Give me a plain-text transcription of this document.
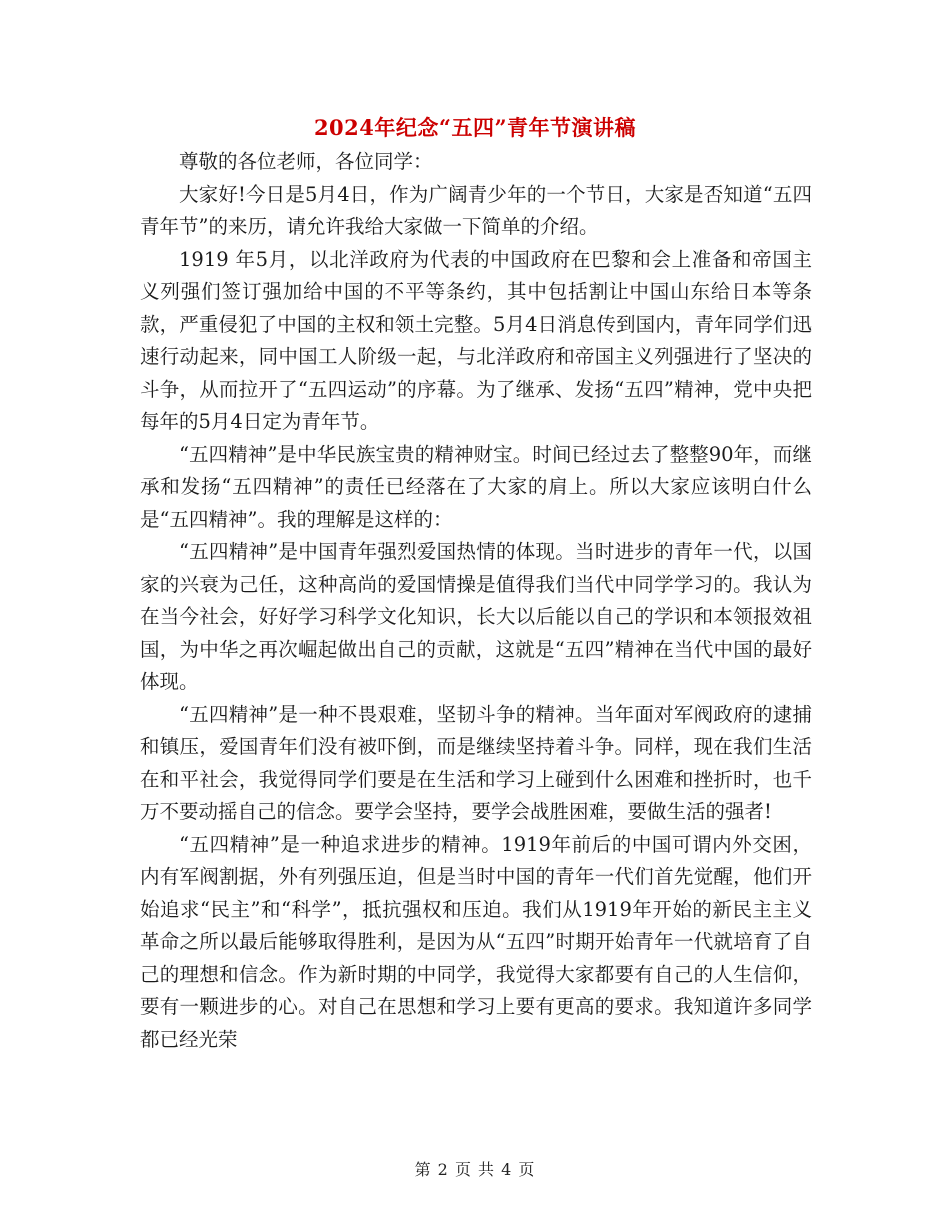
2024年纪念“五四”青年节演讲稿

尊敬的各位老师，各位同学：

大家好!今日是5月4日，作为广阔青少年的一个节日，大家是否知道“五四青年节”的来历，请允许我给大家做一下简单的介绍。

1919 年5月，以北洋政府为代表的中国政府在巴黎和会上准备和帝国主义列强们签订强加给中国的不平等条约，其中包括割让中国山东给日本等条款，严重侵犯了中国的主权和领土完整。5月4日消息传到国内，青年同学们迅速行动起来，同中国工人阶级一起，与北洋政府和帝国主义列强进行了坚决的斗争，从而拉开了“五四运动”的序幕。为了继承、发扬“五四”精神，党中央把每年的5月4日定为青年节。

“五四精神”是中华民族宝贵的精神财宝。时间已经过去了整整90年，而继承和发扬“五四精神”的责任已经落在了大家的肩上。所以大家应该明白什么是“五四精神”。我的理解是这样的：

“五四精神”是中国青年强烈爱国热情的体现。当时进步的青年一代，以国家的兴衰为己任，这种高尚的爱国情操是值得我们当代中同学学习的。我认为在当今社会，好好学习科学文化知识，长大以后能以自己的学识和本领报效祖国，为中华之再次崛起做出自己的贡献，这就是“五四”精神在当代中国的最好体现。

“五四精神”是一种不畏艰难，坚韧斗争的精神。当年面对军阀政府的逮捕和镇压，爱国青年们没有被吓倒，而是继续坚持着斗争。同样，现在我们生活在和平社会，我觉得同学们要是在生活和学习上碰到什么困难和挫折时，也千万不要动摇自己的信念。要学会坚持，要学会战胜困难，要做生活的强者!

“五四精神”是一种追求进步的精神。1919年前后的中国可谓内外交困，内有军阀割据，外有列强压迫，但是当时中国的青年一代们首先觉醒，他们开始追求“民主”和“科学”，抵抗强权和压迫。我们从1919年开始的新民主主义革命之所以最后能够取得胜利，是因为从“五四”时期开始青年一代就培育了自己的理想和信念。作为新时期的中同学，我觉得大家都要有自己的人生信仰，要有一颗进步的心。对自己在思想和学习上要有更高的要求。我知道许多同学都已经光荣

第 2 页 共 4 页
